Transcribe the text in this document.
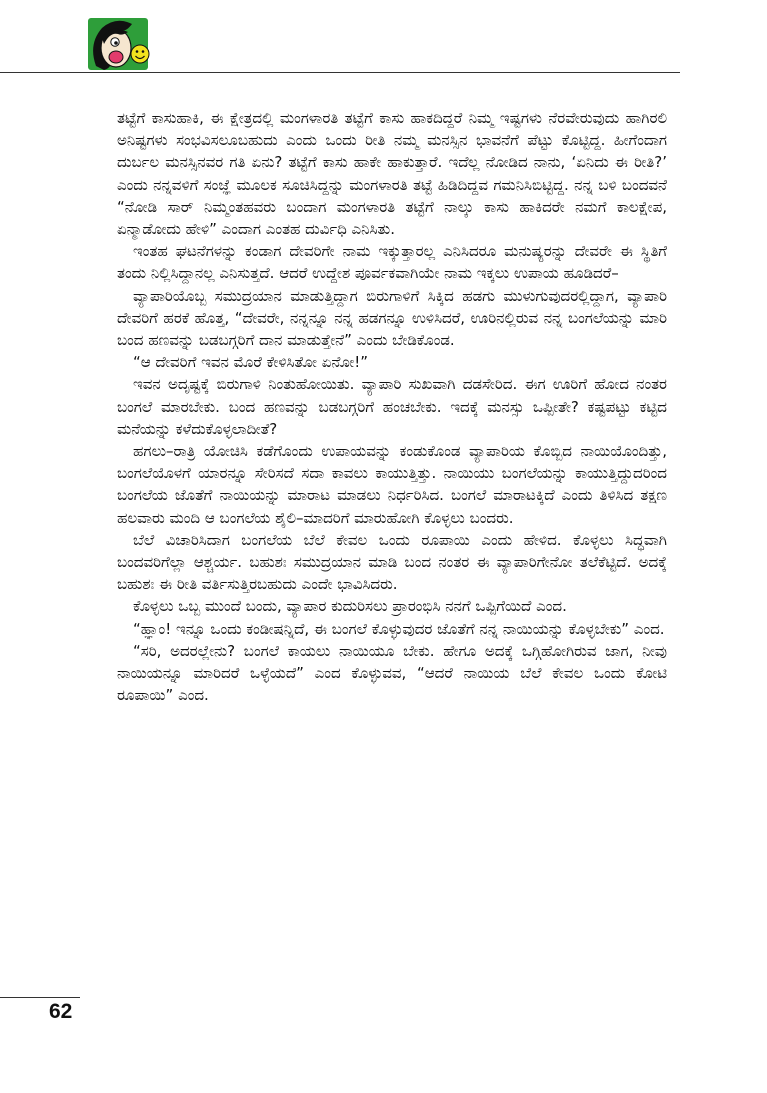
ತಟ್ಟೆಗೆ ಕಾಸುಹಾಕಿ, ಈ ಕ್ಷೇತ್ರದಲ್ಲಿ ಮಂಗಳಾರತಿ ತಟ್ಟೆಗೆ ಕಾಸು ಹಾಕದಿದ್ದರೆ ನಿಮ್ಮ ಇಷ್ಟಗಳು ನೆರವೇರುವುದು ಹಾಗಿರಲಿ ಅನಿಷ್ಟಗಳು ಸಂಭವಿಸಲೂಬಹುದು ಎಂದು ಒಂದು ರೀತಿ ನಮ್ಮ ಮನಸ್ಸಿನ ಭಾವನೆಗೆ ಪೆಟ್ಟು ಕೊಟ್ಟಿದ್ದ. ಹೀಗೆಂದಾಗ ದುರ್ಬಲ ಮನಸ್ಸಿನವರ ಗತಿ ಏನು? ತಟ್ಟೆಗೆ ಕಾಸು ಹಾಕೇ ಹಾಕುತ್ತಾರೆ. ಇದೆಲ್ಲ ನೋಡಿದ ನಾನು, ‘ಏನಿದು ಈ ರೀತಿ?’ ಎಂದು ನನ್ನವಳಿಗೆ ಸಂಜ್ಞೆ ಮೂಲಕ ಸೂಚಿಸಿದ್ದನ್ನು ಮಂಗಳಾರತಿ ತಟ್ಟೆ ಹಿಡಿದಿದ್ದವ ಗಮನಿಸಿಬಿಟ್ಟಿದ್ದ. ನನ್ನ ಬಳಿ ಬಂದವನೆ “ನೋಡಿ ಸಾರ್ ನಿಮ್ಮಂತಹವರು ಬಂದಾಗ ಮಂಗಳಾರತಿ ತಟ್ಟೆಗೆ ನಾಲ್ಕು ಕಾಸು ಹಾಕಿದರೇ ನಮಗೆ ಕಾಲಕ್ಷೇಪ, ಏನ್ಮಾಡೋದು ಹೇಳಿ” ಎಂದಾಗ ಎಂತಹ ದುರ್ವಿಧಿ ಎನಿಸಿತು.

ಇಂತಹ ಘಟನೆಗಳನ್ನು ಕಂಡಾಗ ದೇವರಿಗೇ ನಾಮ ಇಕ್ಕುತ್ತಾರಲ್ಲ ಎನಿಸಿದರೂ ಮನುಷ್ಯರನ್ನು ದೇವರೇ ಈ ಸ್ಥಿತಿಗೆ ತಂದು ನಿಲ್ಲಿಸಿದ್ದಾನಲ್ಲ ಎನಿಸುತ್ತದೆ. ಆದರೆ ಉದ್ದೇಶ ಪೂರ್ವಕವಾಗಿಯೇ ನಾಮ ಇಕ್ಕಲು ಉಪಾಯ ಹೂಡಿದರೆ–

ವ್ಯಾಪಾರಿಯೊಬ್ಬ ಸಮುದ್ರಯಾನ ಮಾಡುತ್ತಿದ್ದಾಗ ಬಿರುಗಾಳಿಗೆ ಸಿಕ್ಕಿದ ಹಡಗು ಮುಳುಗುವುದರಲ್ಲಿದ್ದಾಗ, ವ್ಯಾಪಾರಿ ದೇವರಿಗೆ ಹರಕೆ ಹೊತ್ತ, “ದೇವರೇ, ನನ್ನನ್ನೂ ನನ್ನ ಹಡಗನ್ನೂ ಉಳಿಸಿದರೆ, ಊರಿನಲ್ಲಿರುವ ನನ್ನ ಬಂಗಲೆಯನ್ನು ಮಾರಿ ಬಂದ ಹಣವನ್ನು ಬಡಬಗ್ಗರಿಗೆ ದಾನ ಮಾಡುತ್ತೇನೆ” ಎಂದು ಬೇಡಿಕೊಂಡ.

“ಆ ದೇವರಿಗೆ ಇವನ ಮೊರೆ ಕೇಳಿಸಿತೋ ಏನೋ!”

ಇವನ ಅದೃಷ್ಟಕ್ಕೆ ಬಿರುಗಾಳಿ ನಿಂತುಹೋಯಿತು. ವ್ಯಾಪಾರಿ ಸುಖವಾಗಿ ದಡಸೇರಿದ. ಈಗ ಊರಿಗೆ ಹೋದ ನಂತರ ಬಂಗಲೆ ಮಾರಬೇಕು. ಬಂದ ಹಣವನ್ನು ಬಡಬಗ್ಗರಿಗೆ ಹಂಚಬೇಕು. ಇದಕ್ಕೆ ಮನಸ್ಸು ಒಪ್ಪೀತೇ? ಕಷ್ಟಪಟ್ಟು ಕಟ್ಟಿದ ಮನೆಯನ್ನು ಕಳೆದುಕೊಳ್ಳಲಾದೀತೆ?

ಹಗಲು–ರಾತ್ರಿ ಯೋಚಿಸಿ ಕಡೆಗೊಂದು ಉಪಾಯವನ್ನು ಕಂಡುಕೊಂಡ ವ್ಯಾಪಾರಿಯ ಕೊಬ್ಬಿದ ನಾಯಿಯೊಂದಿತ್ತು, ಬಂಗಲೆಯೊಳಗೆ ಯಾರನ್ನೂ ಸೇರಿಸದೆ ಸದಾ ಕಾವಲು ಕಾಯುತ್ತಿತ್ತು. ನಾಯಿಯು ಬಂಗಲೆಯನ್ನು ಕಾಯುತ್ತಿದ್ದುದರಿಂದ ಬಂಗಲೆಯ ಜೊತೆಗೆ ನಾಯಿಯನ್ನು ಮಾರಾಟ ಮಾಡಲು ನಿರ್ಧರಿಸಿದ. ಬಂಗಲೆ ಮಾರಾಟಕ್ಕಿದೆ ಎಂದು ತಿಳಿಸಿದ ತಕ್ಷಣ ಹಲವಾರು ಮಂದಿ ಆ ಬಂಗಲೆಯ ಶೈಲಿ–ಮಾದರಿಗೆ ಮಾರುಹೋಗಿ ಕೊಳ್ಳಲು ಬಂದರು.

ಬೆಲೆ ವಿಚಾರಿಸಿದಾಗ ಬಂಗಲೆಯ ಬೆಲೆ ಕೇವಲ ಒಂದು ರೂಪಾಯಿ ಎಂದು ಹೇಳಿದ. ಕೊಳ್ಳಲು ಸಿದ್ಧವಾಗಿ ಬಂದವರಿಗೆಲ್ಲಾ ಆಶ್ಚರ್ಯ. ಬಹುಶಃ ಸಮುದ್ರಯಾನ ಮಾಡಿ ಬಂದ ನಂತರ ಈ ವ್ಯಾಪಾರಿಗೇನೋ ತಲೆಕೆಟ್ಟಿದೆ. ಅದಕ್ಕೆ ಬಹುಶಃ ಈ ರೀತಿ ವರ್ತಿಸುತ್ತಿರಬಹುದು ಎಂದೇ ಭಾವಿಸಿದರು.

ಕೊಳ್ಳಲು ಒಬ್ಬ ಮುಂದೆ ಬಂದು, ವ್ಯಾಪಾರ ಕುದುರಿಸಲು ಪ್ರಾರಂಭಿಸಿ ನನಗೆ ಒಪ್ಪಿಗೆಯಿದೆ ಎಂದ.

“ಹ್ಞಾಂ! ಇನ್ನೂ ಒಂದು ಕಂಡೀಷನ್ನಿದೆ, ಈ ಬಂಗಲೆ ಕೊಳ್ಳುವುದರ ಜೊತೆಗೆ ನನ್ನ ನಾಯಿಯನ್ನು ಕೊಳ್ಳಬೇಕು” ಎಂದ.

“ಸರಿ, ಅದರಲ್ಲೇನು? ಬಂಗಲೆ ಕಾಯಲು ನಾಯಿಯೂ ಬೇಕು. ಹೇಗೂ ಅದಕ್ಕೆ ಒಗ್ಗಿಹೋಗಿರುವ ಜಾಗ, ನೀವು ನಾಯಿಯನ್ನೂ ಮಾರಿದರೆ ಒಳ್ಳೆಯದೆ” ಎಂದ ಕೊಳ್ಳುವವ, “ಆದರೆ ನಾಯಿಯ ಬೆಲೆ ಕೇವಲ ಒಂದು ಕೋಟಿ ರೂಪಾಯಿ” ಎಂದ.

62
